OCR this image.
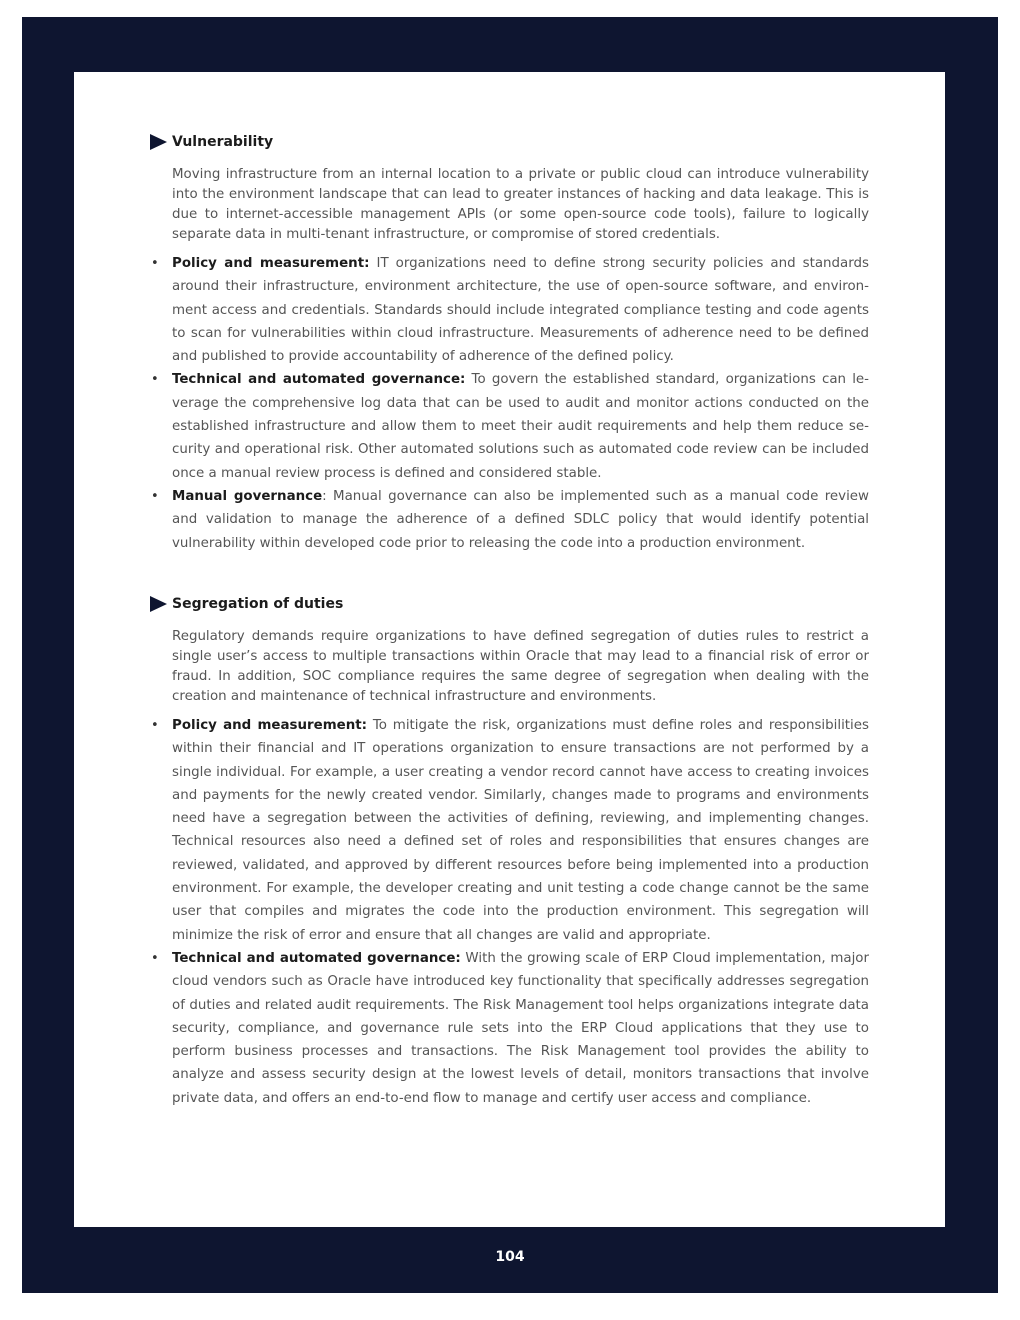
Vulnerability
Moving infrastructure from an internal location to a private or public cloud can introduce vulnerability into the environment landscape that can lead to greater instances of hacking and data leakage. This is due to internet-accessible management APIs (or some open-source code tools), failure to logically separate data in multi-tenant infrastructure, or compromise of stored credentials.
• Policy and measurement: IT organizations need to define strong security policies and standards around their infrastructure, environment architecture, the use of open-source software, and environment access and credentials. Standards should include integrated compliance testing and code agents to scan for vulnerabilities within cloud infrastructure. Measurements of adherence need to be defined and published to provide accountability of adherence of the defined policy.
• Technical and automated governance: To govern the established standard, organizations can leverage the comprehensive log data that can be used to audit and monitor actions conducted on the established infrastructure and allow them to meet their audit requirements and help them reduce security and operational risk. Other automated solutions such as automated code review can be included once a manual review process is defined and considered stable.
• Manual governance: Manual governance can also be implemented such as a manual code review and validation to manage the adherence of a defined SDLC policy that would identify potential vulnerability within developed code prior to releasing the code into a production environment.
Segregation of duties
Regulatory demands require organizations to have defined segregation of duties rules to restrict a single user’s access to multiple transactions within Oracle that may lead to a financial risk of error or fraud. In addition, SOC compliance requires the same degree of segregation when dealing with the creation and maintenance of technical infrastructure and environments.
• Policy and measurement: To mitigate the risk, organizations must define roles and responsibilities within their financial and IT operations organization to ensure transactions are not performed by a single individual. For example, a user creating a vendor record cannot have access to creating invoices and payments for the newly created vendor. Similarly, changes made to programs and environments need have a segregation between the activities of defining, reviewing, and implementing changes. Technical resources also need a defined set of roles and responsibilities that ensures changes are reviewed, validated, and approved by different resources before being implemented into a production environment. For example, the developer creating and unit testing a code change cannot be the same user that compiles and migrates the code into the production environment. This segregation will minimize the risk of error and ensure that all changes are valid and appropriate.
• Technical and automated governance: With the growing scale of ERP Cloud implementation, major cloud vendors such as Oracle have introduced key functionality that specifically addresses segregation of duties and related audit requirements. The Risk Management tool helps organizations integrate data security, compliance, and governance rule sets into the ERP Cloud applications that they use to perform business processes and transactions. The Risk Management tool provides the ability to analyze and assess security design at the lowest levels of detail, monitors transactions that involve private data, and offers an end-to-end flow to manage and certify user access and compliance.
104
